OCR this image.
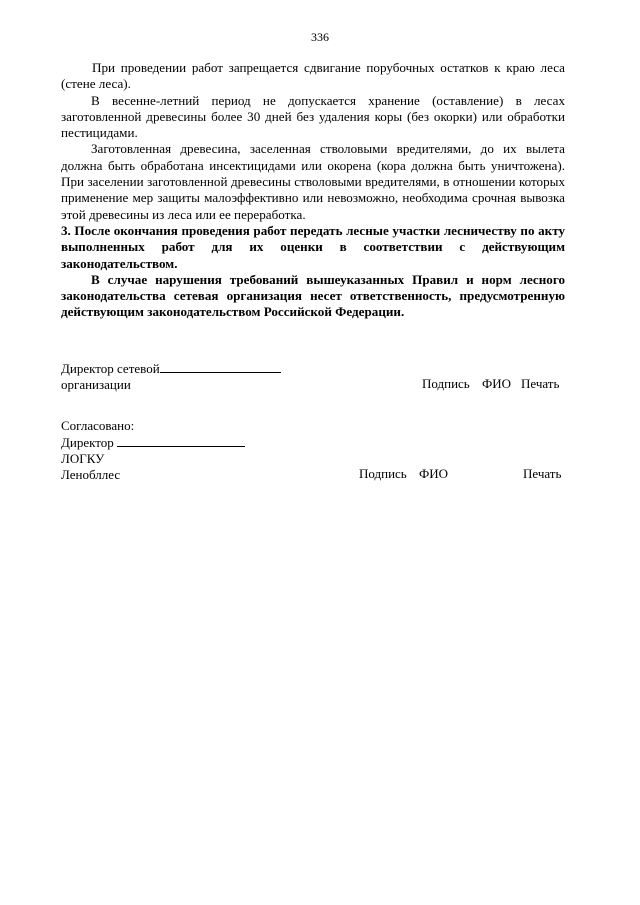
336

При проведении работ запрещается сдвигание порубочных остатков к краю леса (стене леса).

В весенне-летний период не допускается хранение (оставление) в лесах заготовленной древесины более 30 дней без удаления коры (без окорки) или обработки пестицидами.

Заготовленная древесина, заселенная стволовыми вредителями, до их вылета должна быть обработана инсектицидами или окорена (кора должна быть уничтожена). При заселении заготовленной древесины стволовыми вредителями, в отношении которых применение мер защиты малоэффективно или невозможно, необходима срочная вывозка этой древесины из леса или ее переработка.

3. После окончания проведения работ передать лесные участки лесничеству по акту выполненных работ для их оценки в соответствии с действующим законодательством.

В случае нарушения требований вышеуказанных Правил и норм лесного законодательства сетевая организация несет ответственность, предусмотренную действующим законодательством Российской Федерации.

Директор сетевой
организации	Подпись ФИО Печать
Согласовано:
Директор
ЛОГКУ
Ленобллес	Подпись ФИО	Печать
